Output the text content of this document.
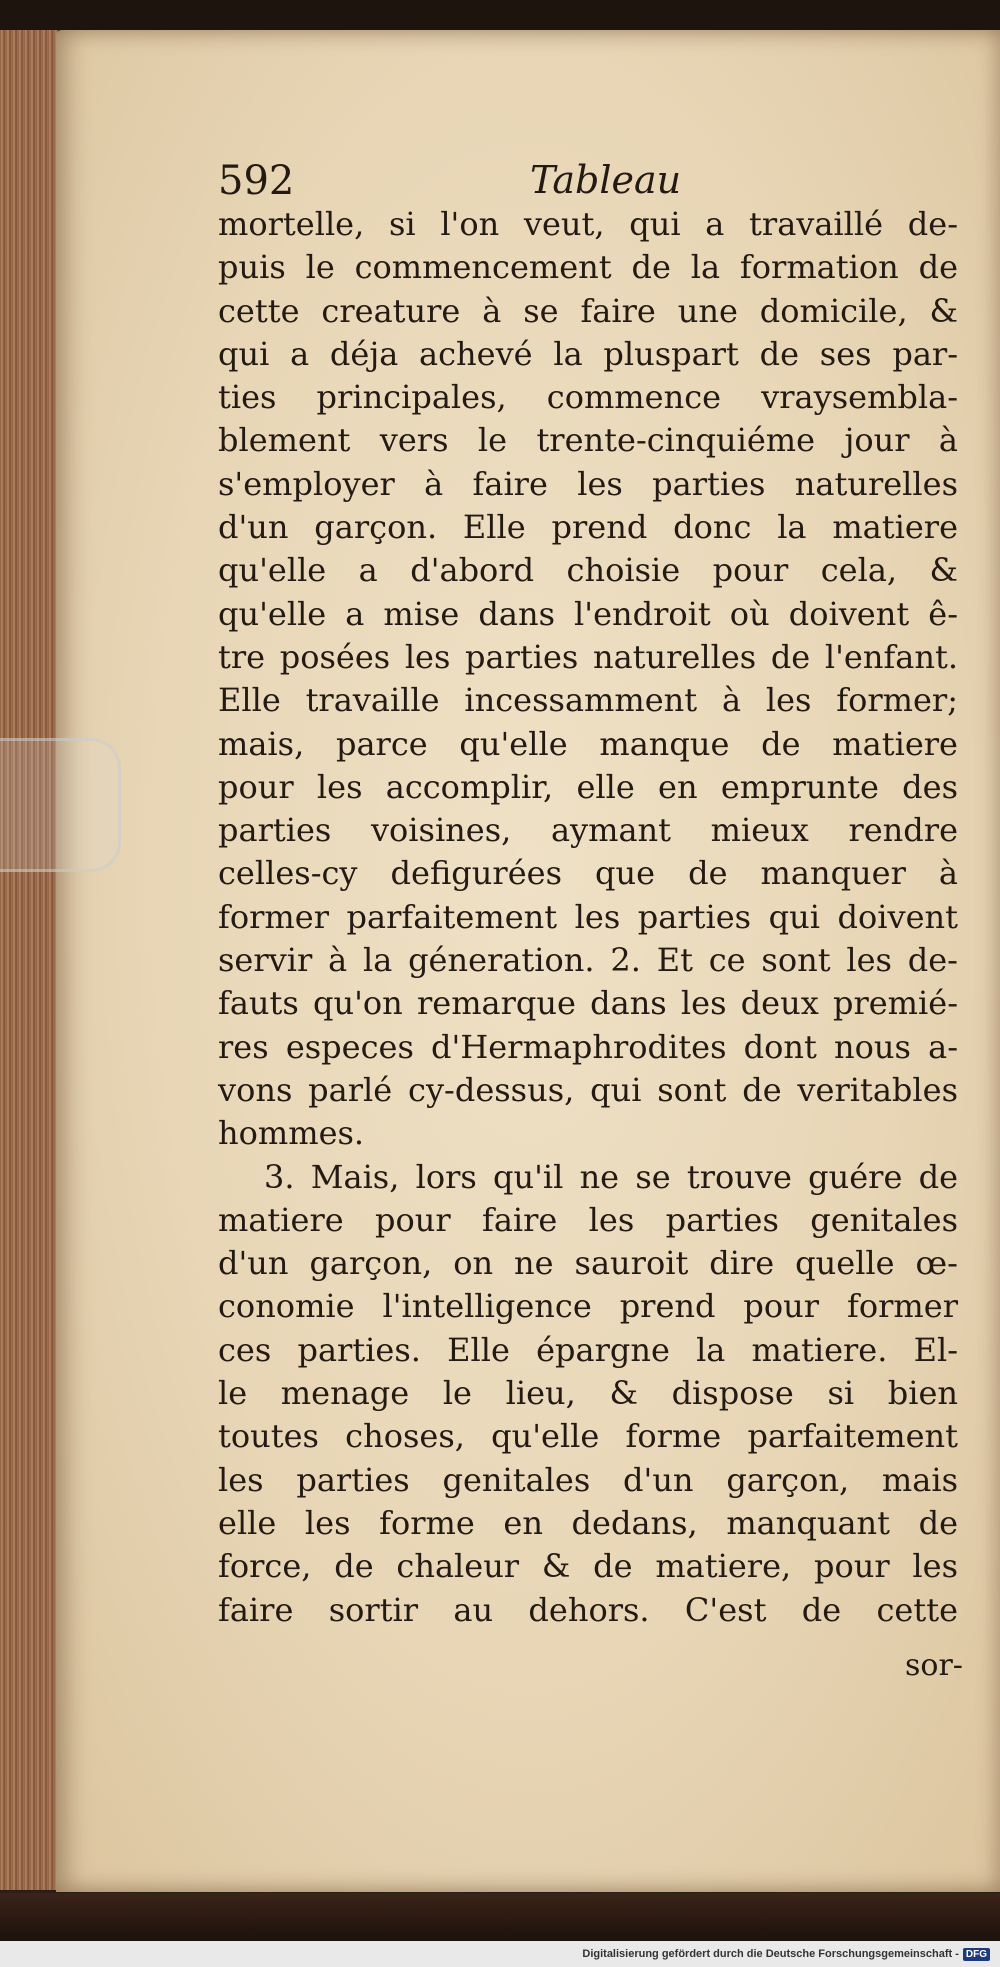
592	Tableau
mortelle, si l'on veut, qui a travaillé de-
puis le commencement de la formation de
cette creature à se faire une domicile, &
qui a déja achevé la pluspart de ses par-
ties principales, commence vraysembla-
blement vers le trente-cinquiéme jour à
s'employer à faire les parties naturelles
d'un garçon. Elle prend donc la matiere
qu'elle a d'abord choisie pour cela, &
qu'elle a mise dans l'endroit où doivent ê-
tre posées les parties naturelles de l'enfant.
Elle travaille incessamment à les former;
mais, parce qu'elle manque de matiere
pour les accomplir, elle en emprunte des
parties voisines, aymant mieux rendre
celles-cy defigurées que de manquer à
former parfaitement les parties qui doivent
servir à la géneration. 2. Et ce sont les de-
fauts qu'on remarque dans les deux premié-
res especes d'Hermaphrodites dont nous a-
vons parlé cy-dessus, qui sont de veritables
hommes.
3. Mais, lors qu'il ne se trouve guére de
matiere pour faire les parties genitales
d'un garçon, on ne sauroit dire quelle œ-
conomie l'intelligence prend pour former
ces parties. Elle épargne la matiere. El-
le menage le lieu, & dispose si bien
toutes choses, qu'elle forme parfaitement
les parties genitales d'un garçon, mais
elle les forme en dedans, manquant de
force, de chaleur & de matiere, pour les
faire sortir au dehors. C'est de cette
sor-
Digitalisierung gefördert durch die Deutsche Forschungsgemeinschaft - DFG
